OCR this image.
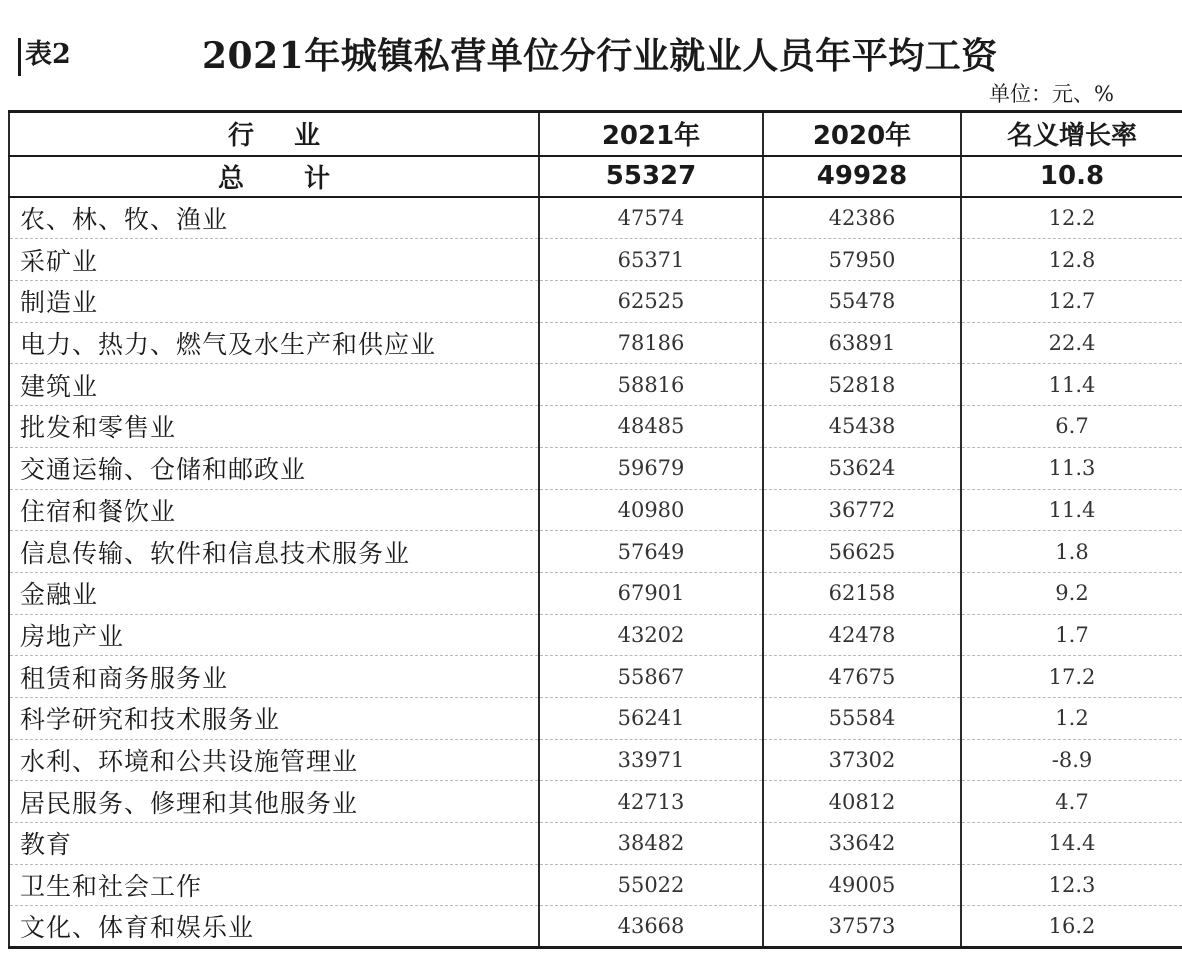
表2	2021年城镇私营单位分行业就业人员年平均工资
单位：元、%
行业	2021年	2020年	名义增长率
总计	55327	49928	10.8
农、林、牧、渔业	47574	42386	12.2
采矿业	65371	57950	12.8
制造业	62525	55478	12.7
电力、热力、燃气及水生产和供应业	78186	63891	22.4
建筑业	58816	52818	11.4
批发和零售业	48485	45438	6.7
交通运输、仓储和邮政业	59679	53624	11.3
住宿和餐饮业	40980	36772	11.4
信息传输、软件和信息技术服务业	57649	56625	1.8
金融业	67901	62158	9.2
房地产业	43202	42478	1.7
租赁和商务服务业	55867	47675	17.2
科学研究和技术服务业	56241	55584	1.2
水利、环境和公共设施管理业	33971	37302	-8.9
居民服务、修理和其他服务业	42713	40812	4.7
教育	38482	33642	14.4
卫生和社会工作	55022	49005	12.3
文化、体育和娱乐业	43668	37573	16.2
